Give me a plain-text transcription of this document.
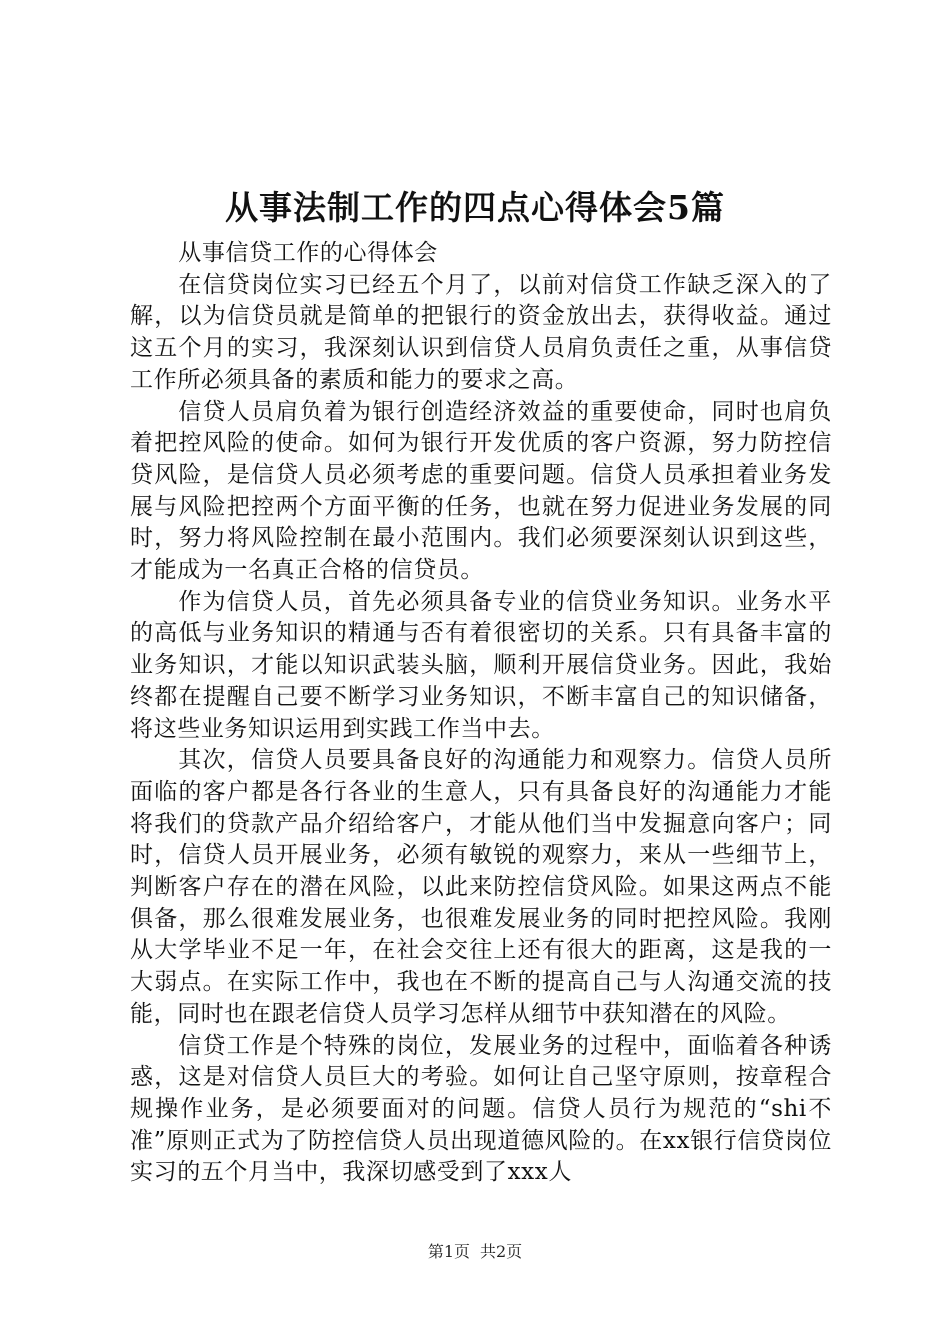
从事法制工作的四点心得体会5篇

从事信贷工作的心得体会

在信贷岗位实习已经五个月了，以前对信贷工作缺乏深入的了解，以为信贷员就是简单的把银行的资金放出去，获得收益。通过这五个月的实习，我深刻认识到信贷人员肩负责任之重，从事信贷工作所必须具备的素质和能力的要求之高。

信贷人员肩负着为银行创造经济效益的重要使命，同时也肩负着把控风险的使命。如何为银行开发优质的客户资源，努力防控信贷风险，是信贷人员必须考虑的重要问题。信贷人员承担着业务发展与风险把控两个方面平衡的任务，也就在努力促进业务发展的同时，努力将风险控制在最小范围内。我们必须要深刻认识到这些，才能成为一名真正合格的信贷员。

作为信贷人员，首先必须具备专业的信贷业务知识。业务水平的高低与业务知识的精通与否有着很密切的关系。只有具备丰富的业务知识，才能以知识武装头脑，顺利开展信贷业务。因此，我始终都在提醒自己要不断学习业务知识，不断丰富自己的知识储备，将这些业务知识运用到实践工作当中去。

其次，信贷人员要具备良好的沟通能力和观察力。信贷人员所面临的客户都是各行各业的生意人，只有具备良好的沟通能力才能将我们的贷款产品介绍给客户，才能从他们当中发掘意向客户；同时，信贷人员开展业务，必须有敏锐的观察力，来从一些细节上，判断客户存在的潜在风险，以此来防控信贷风险。如果这两点不能俱备，那么很难发展业务，也很难发展业务的同时把控风险。我刚从大学毕业不足一年，在社会交往上还有很大的距离，这是我的一大弱点。在实际工作中，我也在不断的提高自己与人沟通交流的技能，同时也在跟老信贷人员学习怎样从细节中获知潜在的风险。

信贷工作是个特殊的岗位，发展业务的过程中，面临着各种诱惑，这是对信贷人员巨大的考验。如何让自己坚守原则，按章程合规操作业务，是必须要面对的问题。信贷人员行为规范的“shi不准”原则正式为了防控信贷人员出现道德风险的。在xx银行信贷岗位实习的五个月当中，我深切感受到了xxx人

第1页 共2页
